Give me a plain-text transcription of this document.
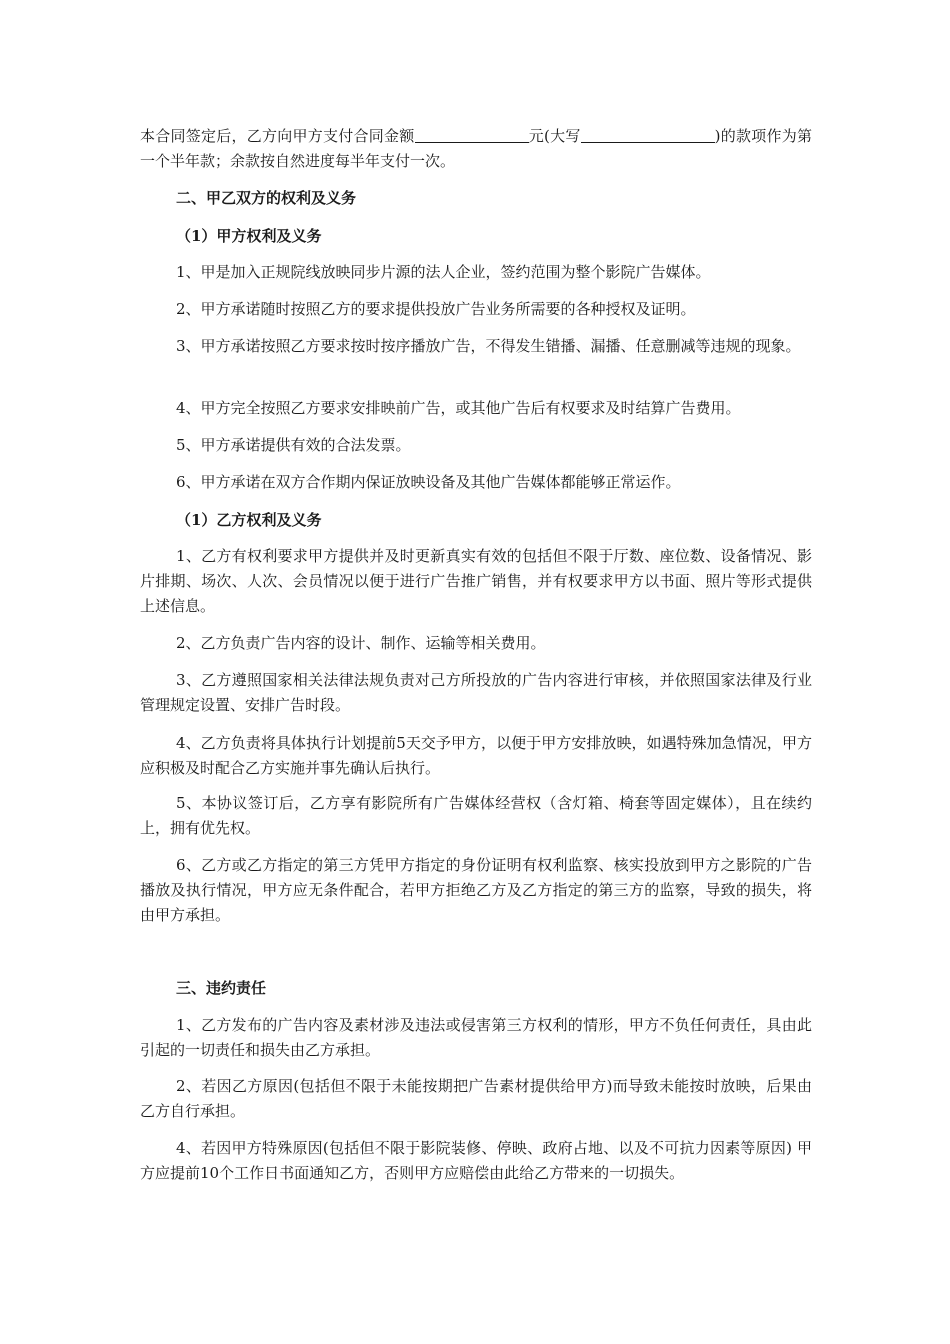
本合同签定后，乙方向甲方支付合同金额	元(大写	)的款项作为第一个半年款；余款按自然进度每半年支付一次。

二、甲乙双方的权利及义务

（1）甲方权利及义务

1、甲是加入正规院线放映同步片源的法人企业，签约范围为整个影院广告媒体。

2、甲方承诺随时按照乙方的要求提供投放广告业务所需要的各种授权及证明。

3、甲方承诺按照乙方要求按时按序播放广告，不得发生错播、漏播、任意删减等违规的现象。

4、甲方完全按照乙方要求安排映前广告，或其他广告后有权要求及时结算广告费用。

5、甲方承诺提供有效的合法发票。

6、甲方承诺在双方合作期内保证放映设备及其他广告媒体都能够正常运作。

（1）乙方权利及义务

1、乙方有权利要求甲方提供并及时更新真实有效的包括但不限于厅数、座位数、设备情况、影片排期、场次、人次、会员情况以便于进行广告推广销售，并有权要求甲方以书面、照片等形式提供上述信息。

2、乙方负责广告内容的设计、制作、运输等相关费用。

3、乙方遵照国家相关法律法规负责对己方所投放的广告内容进行审核，并依照国家法律及行业管理规定设置、安排广告时段。

4、乙方负责将具体执行计划提前5天交予甲方，以便于甲方安排放映，如遇特殊加急情况，甲方应积极及时配合乙方实施并事先确认后执行。

5、本协议签订后，乙方享有影院所有广告媒体经营权（含灯箱、椅套等固定媒体），且在续约上，拥有优先权。

6、乙方或乙方指定的第三方凭甲方指定的身份证明有权利监察、核实投放到甲方之影院的广告播放及执行情况，甲方应无条件配合，若甲方拒绝乙方及乙方指定的第三方的监察，导致的损失，将由甲方承担。

三、违约责任

1、乙方发布的广告内容及素材涉及违法或侵害第三方权利的情形，甲方不负任何责任，具由此引起的一切责任和损失由乙方承担。

2、若因乙方原因(包括但不限于未能按期把广告素材提供给甲方)而导致未能按时放映，后果由乙方自行承担。

4、若因甲方特殊原因(包括但不限于影院装修、停映、政府占地、以及不可抗力因素等原因) 甲方应提前10个工作日书面通知乙方，否则甲方应赔偿由此给乙方带来的一切损失。
